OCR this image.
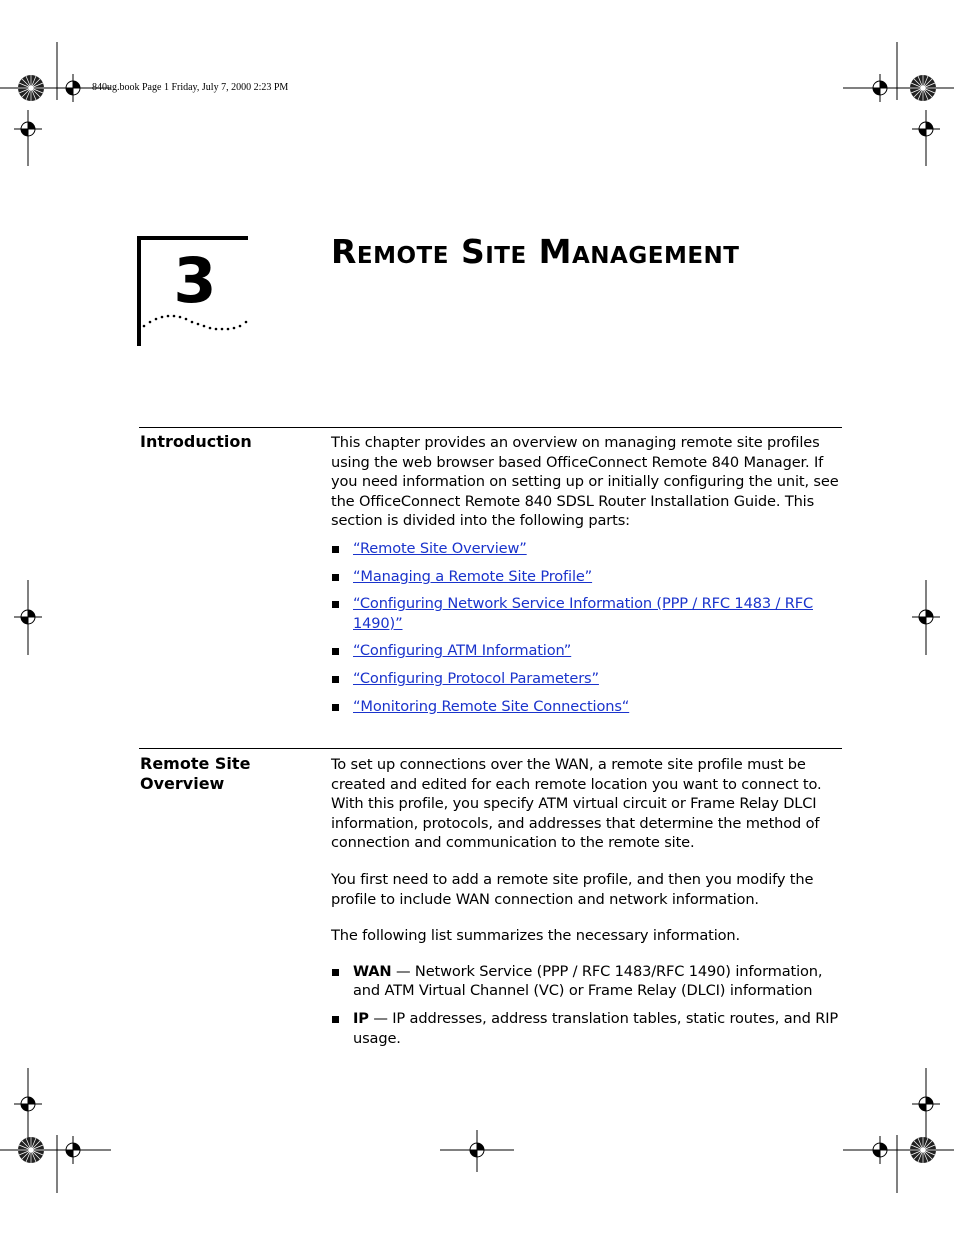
840ug.book Page 1 Friday, July 7, 2000 2:23 PM
3	Remote Site Management
Introduction	This chapter provides an overview on managing remote site profiles using the web browser based OfficeConnect Remote 840 Manager. If you need information on setting up or initially configuring the unit, see the OfficeConnect Remote 840 SDSL Router Installation Guide. This section is divided into the following parts:

“Remote Site Overview”
“Managing a Remote Site Profile”
“Configuring Network Service Information (PPP / RFC 1483 / RFC 1490)”
“Configuring ATM Information”
“Configuring Protocol Parameters”
“Monitoring Remote Site Connections“
Remote Site
Overview

To set up connections over the WAN, a remote site profile must be created and edited for each remote location you want to connect to. With this profile, you specify ATM virtual circuit or Frame Relay DLCI information, protocols, and addresses that determine the method of connection and communication to the remote site.

You first need to add a remote site profile, and then you modify the profile to include WAN connection and network information.

The following list summarizes the necessary information.

WAN — Network Service (PPP / RFC 1483/RFC 1490) information, and ATM Virtual Channel (VC) or Frame Relay (DLCI) information
IP — IP addresses, address translation tables, static routes, and RIP usage.
